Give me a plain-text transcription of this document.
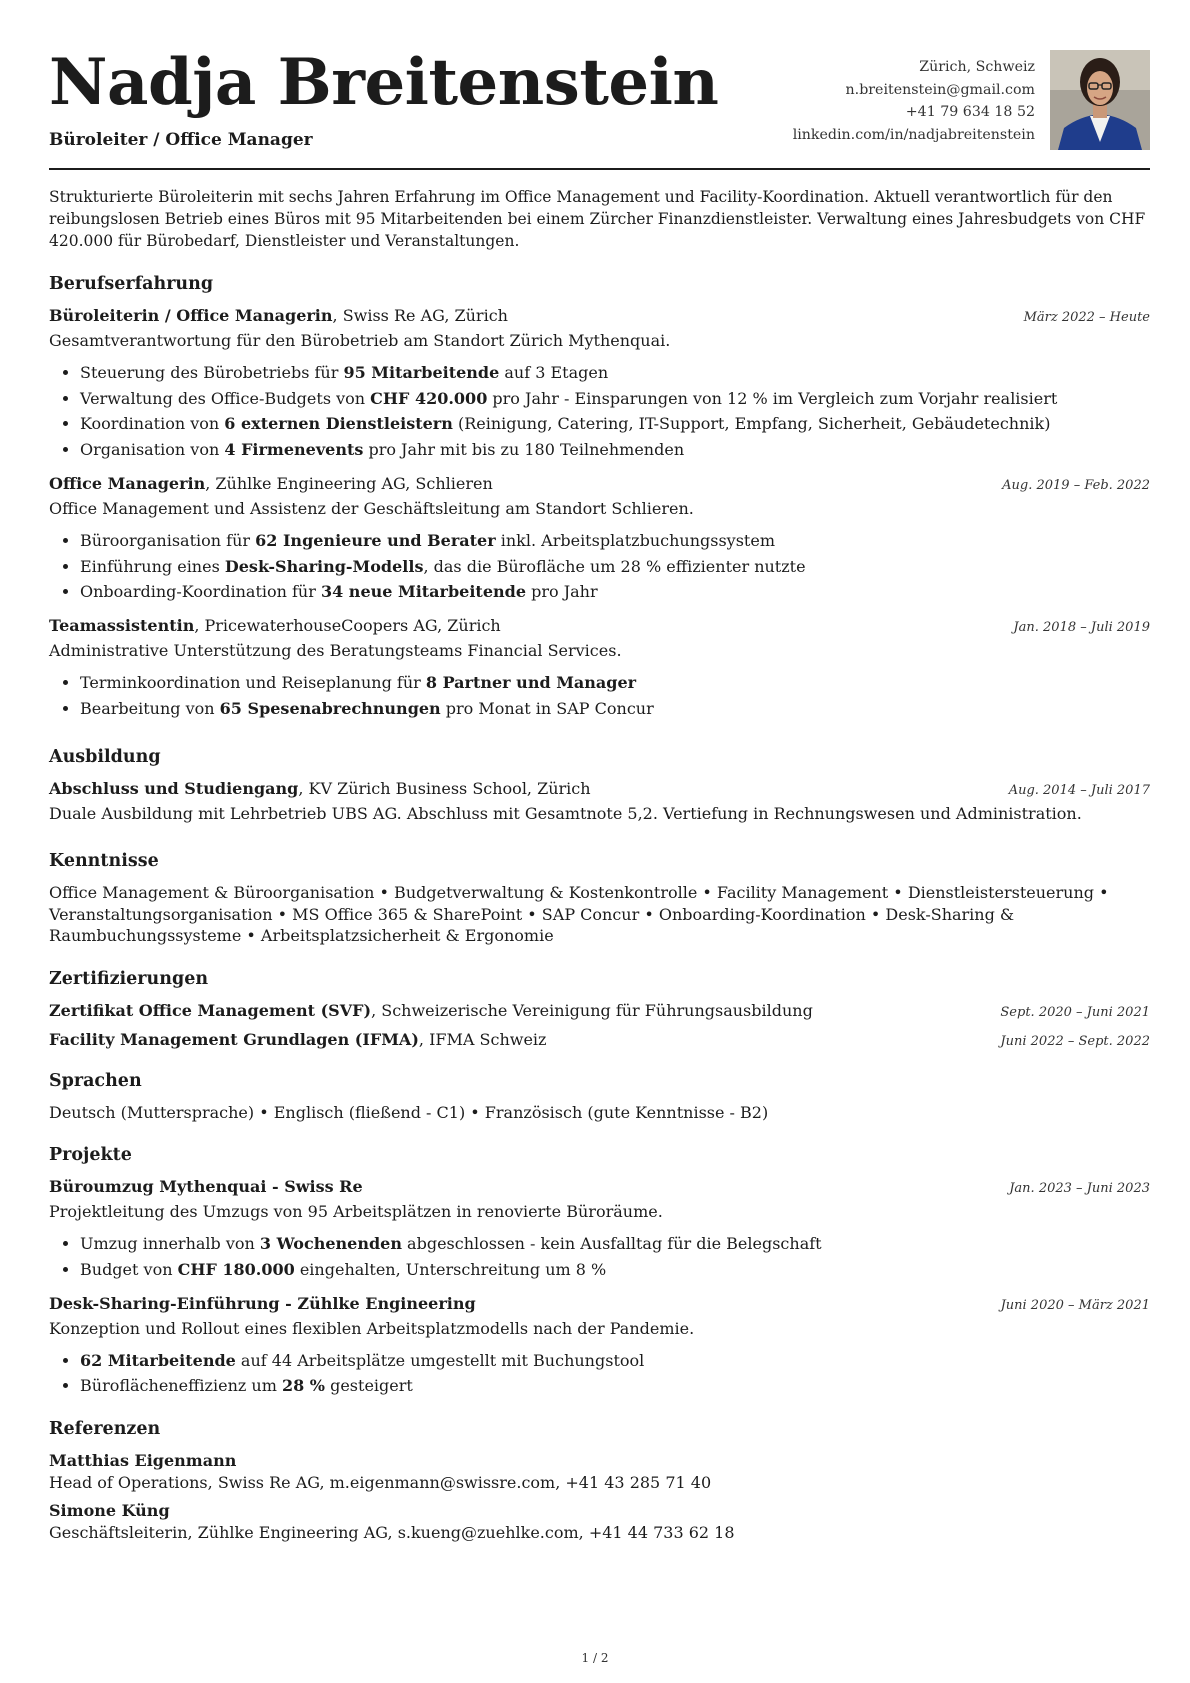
Nadja Breitenstein
Büroleiter / Office Manager
Zürich, Schweiz
n.breitenstein@gmail.com
+41 79 634 18 52
linkedin.com/in/nadjabreitenstein
Strukturierte Büroleiterin mit sechs Jahren Erfahrung im Office Management und Facility-Koordination. Aktuell verantwortlich für den reibungslosen Betrieb eines Büros mit 95 Mitarbeitenden bei einem Zürcher Finanzdienstleister. Verwaltung eines Jahresbudgets von CHF 420.000 für Bürobedarf, Dienstleister und Veranstaltungen.
Berufserfahrung
Büroleiterin / Office Managerin, Swiss Re AG, Zürich	März 2022 – Heute
Gesamtverantwortung für den Bürobetrieb am Standort Zürich Mythenquai.
• Steuerung des Bürobetriebs für 95 Mitarbeitende auf 3 Etagen
• Verwaltung des Office-Budgets von CHF 420.000 pro Jahr - Einsparungen von 12 % im Vergleich zum Vorjahr realisiert
• Koordination von 6 externen Dienstleistern (Reinigung, Catering, IT-Support, Empfang, Sicherheit, Gebäudetechnik)
• Organisation von 4 Firmenevents pro Jahr mit bis zu 180 Teilnehmenden
Office Managerin, Zühlke Engineering AG, Schlieren	Aug. 2019 – Feb. 2022
Office Management und Assistenz der Geschäftsleitung am Standort Schlieren.
• Büroorganisation für 62 Ingenieure und Berater inkl. Arbeitsplatzbuchungssystem
• Einführung eines Desk-Sharing-Modells, das die Bürofläche um 28 % effizienter nutzte
• Onboarding-Koordination für 34 neue Mitarbeitende pro Jahr
Teamassistentin, PricewaterhouseCoopers AG, Zürich	Jan. 2018 – Juli 2019
Administrative Unterstützung des Beratungsteams Financial Services.
• Terminkoordination und Reiseplanung für 8 Partner und Manager
• Bearbeitung von 65 Spesenabrechnungen pro Monat in SAP Concur
Ausbildung
Abschluss und Studiengang, KV Zürich Business School, Zürich	Aug. 2014 – Juli 2017
Duale Ausbildung mit Lehrbetrieb UBS AG. Abschluss mit Gesamtnote 5,2. Vertiefung in Rechnungswesen und Administration.
Kenntnisse
Office Management & Büroorganisation • Budgetverwaltung & Kostenkontrolle • Facility Management • Dienstleistersteuerung • Veranstaltungsorganisation • MS Office 365 & SharePoint • SAP Concur • Onboarding-Koordination • Desk-Sharing & Raumbuchungssysteme • Arbeitsplatzsicherheit & Ergonomie
Zertifizierungen
Zertifikat Office Management (SVF), Schweizerische Vereinigung für Führungsausbildung	Sept. 2020 – Juni 2021
Facility Management Grundlagen (IFMA), IFMA Schweiz	Juni 2022 – Sept. 2022
Sprachen
Deutsch (Muttersprache) • Englisch (fließend - C1) • Französisch (gute Kenntnisse - B2)
Projekte
Büroumzug Mythenquai - Swiss Re	Jan. 2023 – Juni 2023
Projektleitung des Umzugs von 95 Arbeitsplätzen in renovierte Büroräume.
• Umzug innerhalb von 3 Wochenenden abgeschlossen - kein Ausfalltag für die Belegschaft
• Budget von CHF 180.000 eingehalten, Unterschreitung um 8 %
Desk-Sharing-Einführung - Zühlke Engineering	Juni 2020 – März 2021
Konzeption und Rollout eines flexiblen Arbeitsplatzmodells nach der Pandemie.
• 62 Mitarbeitende auf 44 Arbeitsplätze umgestellt mit Buchungstool
• Büroflächeneffizienz um 28 % gesteigert
Referenzen
Matthias Eigenmann
Head of Operations, Swiss Re AG, m.eigenmann@swissre.com, +41 43 285 71 40
Simone Küng
Geschäftsleiterin, Zühlke Engineering AG, s.kueng@zuehlke.com, +41 44 733 62 18
1 / 2
